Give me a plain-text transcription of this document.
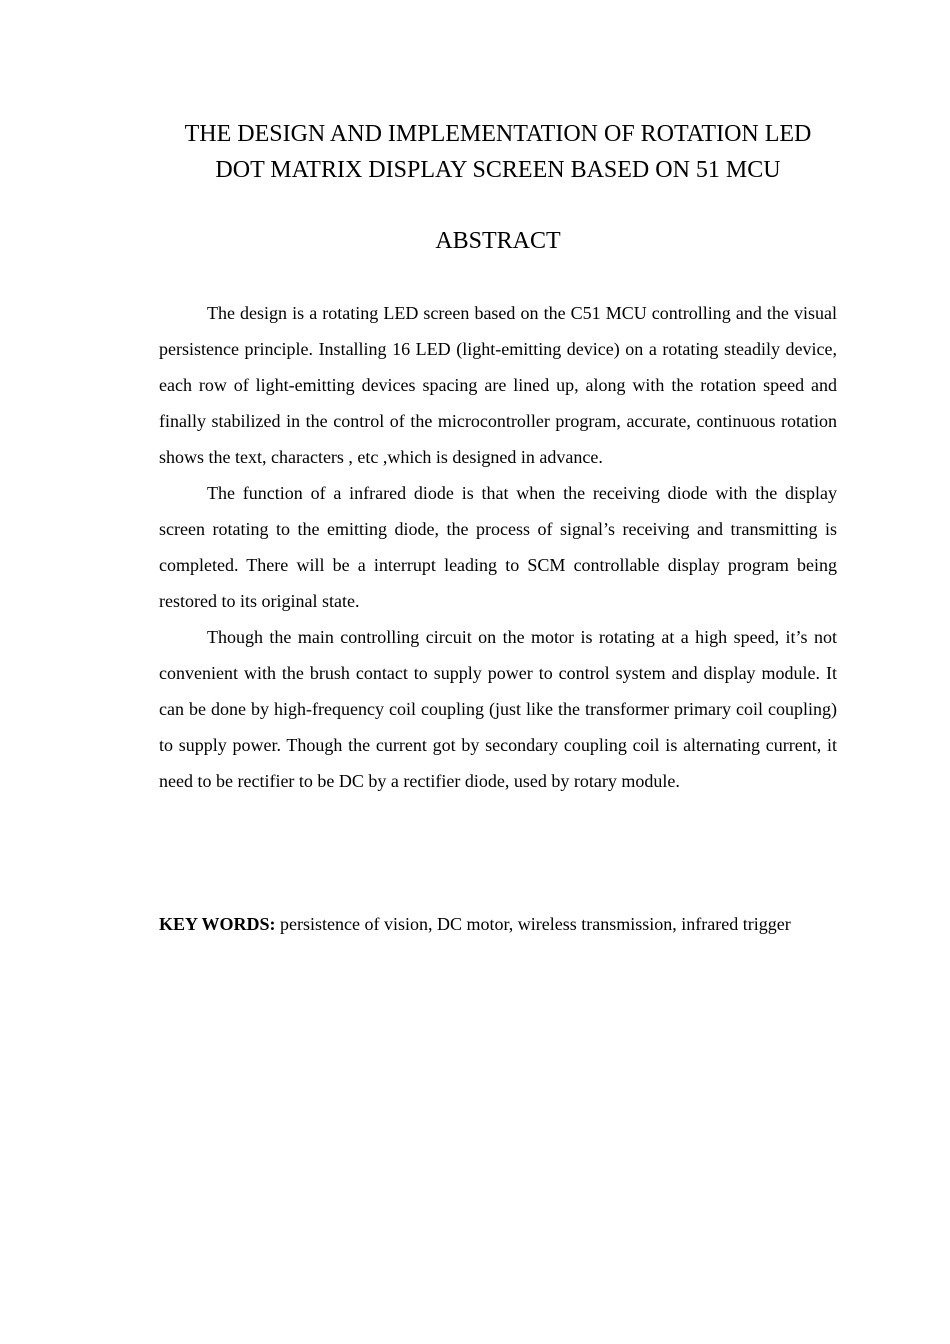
THE DESIGN AND IMPLEMENTATION OF ROTATION LED
DOT MATRIX DISPLAY SCREEN BASED ON 51 MCU
ABSTRACT

The design is a rotating LED screen based on the C51 MCU controlling and the visual persistence principle. Installing 16 LED (light-emitting device) on a rotating steadily device, each row of light-emitting devices spacing are lined up, along with the rotation speed and finally stabilized in the control of the microcontroller program, accurate, continuous rotation shows the text, characters , etc ,which is designed in advance.

The function of a infrared diode is that when the receiving diode with the display screen rotating to the emitting diode, the process of signal’s receiving and transmitting is completed. There will be a interrupt leading to SCM controllable display program being restored to its original state.

Though the main controlling circuit on the motor is rotating at a high speed, it’s not convenient with the brush contact to supply power to control system and display module. It can be done by high-frequency coil coupling (just like the transformer primary coil coupling) to supply power. Though the current got by secondary coupling coil is alternating current, it need to be rectifier to be DC by a rectifier diode, used by rotary module.

KEY WORDS: persistence of vision, DC motor, wireless transmission, infrared trigger
